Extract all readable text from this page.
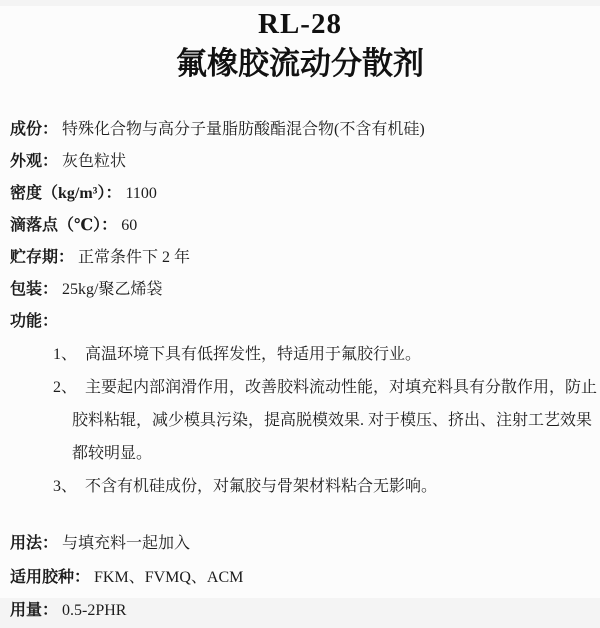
RL-28
氟橡胶流动分散剂

成份： 特殊化合物与高分子量脂肪酸酯混合物(不含有机硅)

外观： 灰色粒状

密度（kg/m³）： 1100

滴落点（℃）： 60

贮存期： 正常条件下 2 年

包装： 25kg/聚乙烯袋

功能：

1、 高温环境下具有低挥发性，特适用于氟胶行业。
2、 主要起内部润滑作用，改善胶料流动性能，对填充料具有分散作用，防止胶料粘辊，减少模具污染，提高脱模效果. 对于模压、挤出、注射工艺效果都较明显。
3、 不含有机硅成份，对氟胶与骨架材料粘合无影响。

用法： 与填充料一起加入

适用胶种： FKM、FVMQ、ACM

用量： 0.5-2PHR
